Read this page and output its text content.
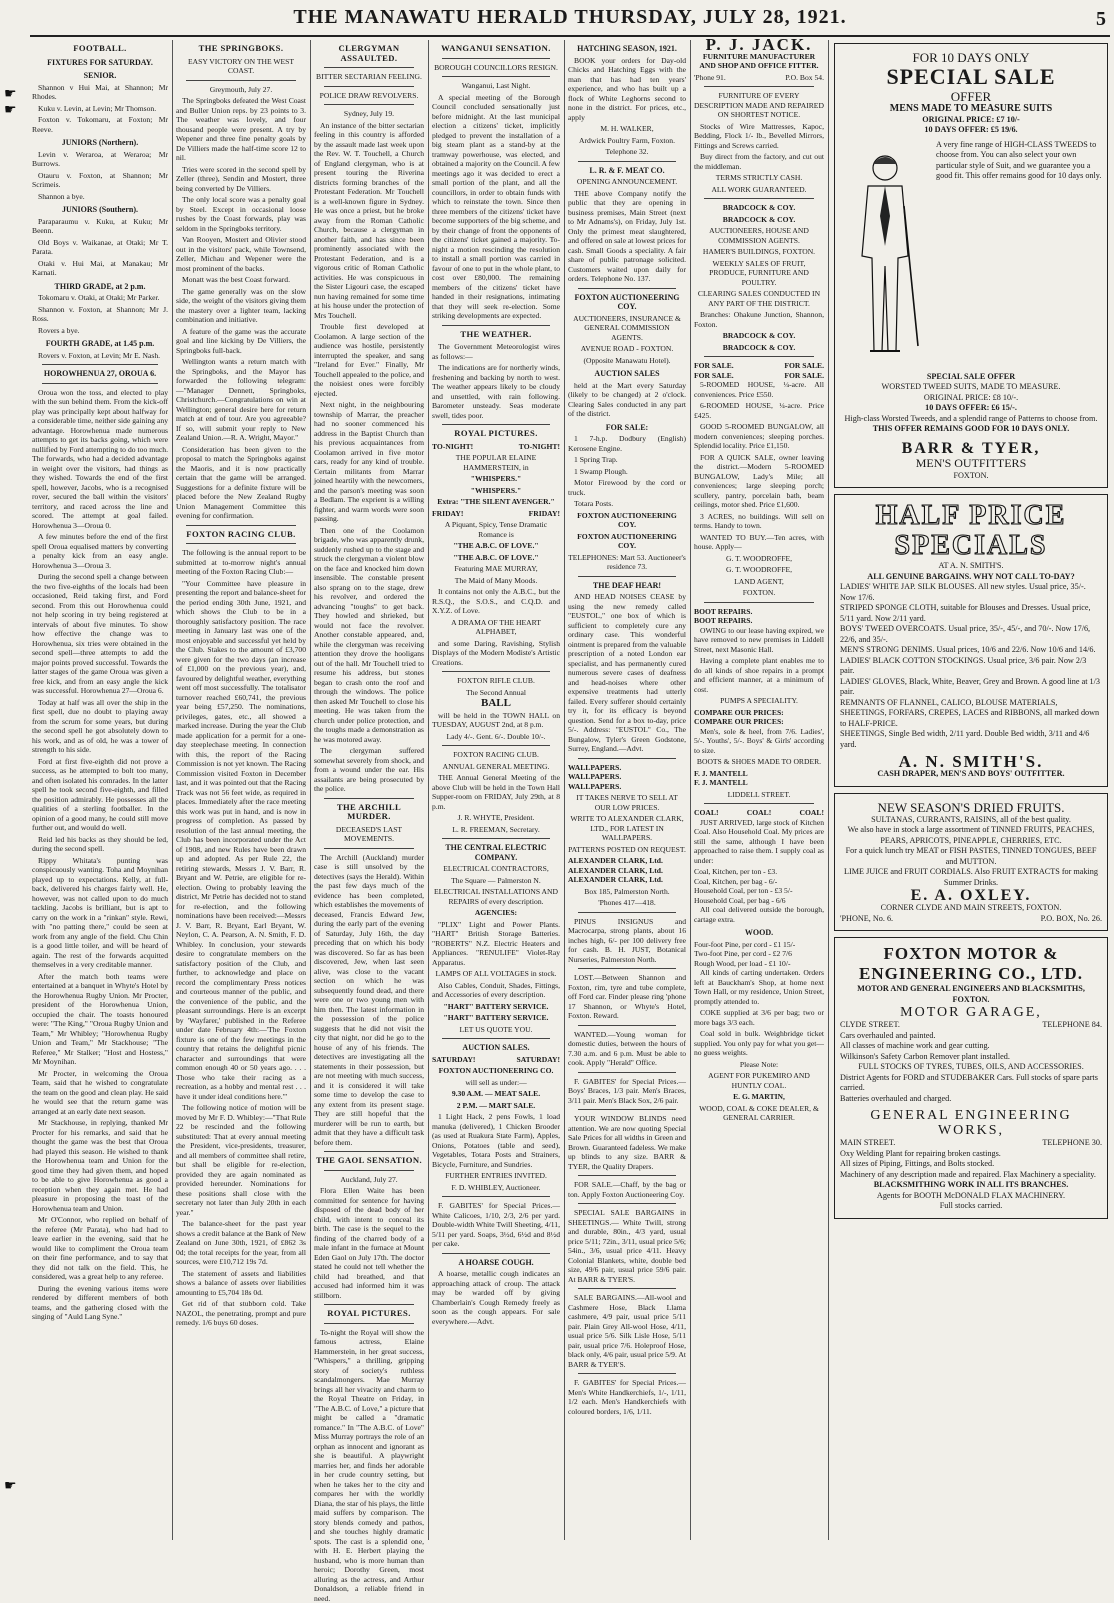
THE MANAWATU HERALD THURSDAY, JULY 28, 1921.	5
FOOTBALL.
FIXTURES FOR SATURDAY.
SENIOR.

Shannon v Hui Mai, at Shannon; Mr Rhodes.

Kuku v. Levin, at Levin; Mr Thomson.

Foxton v. Tokomaru, at Foxton; Mr Reeve.

JUNIORS (Northern).

Levin v. Weraroa, at Weraroa; Mr Burrows.

Otauru v. Foxton, at Shannon; Mr Scrimeis.

Shannon a bye.

JUNIORS (Southern).

Paraparaumu v. Kuku, at Kuku; Mr Beenn.

Old Boys v. Waikanae, at Otaki; Mr T. Parata.

Otaki v. Hui Mai, at Manakau; Mr Karnati.

THIRD GRADE, at 2 p.m.

Tokomaru v. Otaki, at Otaki; Mr Parker.

Shannon v. Foxton, at Shannon; Mr J. Ross.

Rovers a bye.

FOURTH GRADE, at 1.45 p.m.

Rovers v. Foxton, at Levin; Mr E. Nash.

HOROWHENUA 27, OROUA 6.

Oroua won the toss, and elected to play with the sun behind them. From the kick-off play was principally kept about halfway for a considerable time, neither side gaining any advantage. Horowhenua made numerous attempts to get its backs going, which were nullified by Ford attempting to do too much. The forwards, who had a decided advantage in weight over the visitors, had things as they wished. Towards the end of the first spell, however, Jacobs, who is a recognised rover, secured the ball within the visitors' territory, and raced across the line and scored. The attempt at goal failed. Horowhenua 3—Oroua 0.

A few minutes before the end of the first spell Oroua equalised matters by converting a penalty kick from an easy angle. Horowhenua 3—Oroua 3.

During the second spell a change between the two five-eighths of the locals had been occasioned, Reid taking first, and Ford second. From this out Horowhenua could not help scoring in try being registered at intervals of about five minutes. To show how effective the change was to Horowhenua, six tries were obtained in the second spell—three attempts to add the major points proved successful. Towards the latter stages of the game Oroua was given a free kick, and from an easy angle the kick was successful. Horowhenua 27—Oroua 6.

Today at half was all over the ship in the first spell, due no doubt to playing away from the scrum for some years, but during the second spell he got absolutely down to his work, and as of old, he was a tower of strength to his side.

Ford at first five-eighth did not prove a success, as he attempted to bolt too many, and often isolated his comrades. In the latter spell he took second five-eighth, and filled the position admirably. He possesses all the qualities of a sterling footballer. In the opinion of a good many, he could still move further out, and would do well.

Reid led his backs as they should be led, during the second spell.

Rippy Whitata's punting was conspicuously wanting. Toha and Moynihan played up to expectations. Kelly, at full-back, delivered his charges fairly well. He, however, was not called upon to do much tackling. Jacobs is brilliant, but is apt to carry on the work in a "rinkan" style. Rewi, with "no patting there," could be seen at work from any angle of the field. Chu Chin is a good little toiler, and will be heard of again. The rest of the forwards acquitted themselves in a very creditable manner.

After the match both teams were entertained at a banquet in Whyte's Hotel by the Horowhenua Rugby Union. Mr Procter, president of the Horowhenua Union, occupied the chair. The toasts honoured were: "The King," "Oroua Rugby Union and Team," Mr Whibley; "Horowhenua Rugby Union and Team," Mr Stackhouse; "The Referee," Mr Stalker; "Host and Hostess," Mr Moynihan.

Mr Procter, in welcoming the Oroua Team, said that he wished to congratulate the team on the good and clean play. He said he would see that the return game was arranged at an early date next season.

Mr Stackhouse, in replying, thanked Mr Procter for his remarks, and said that he thought the game was the best that Oroua had played this season. He wished to thank the Horowhenua team and Union for the good time they had given them, and hoped to be able to give Horowhenua as good a reception when they again met. He had pleasure in proposing the toast of the Horowhenua team and Union.

Mr O'Connor, who replied on behalf of the referee (Mr Parata), who had had to leave earlier in the evening, said that he would like to compliment the Oroua team on their fine performance, and to say that they did not talk on the field. This, he considered, was a great help to any referee.

During the evening various items were rendered by different members of both teams, and the gathering closed with the singing of "Auld Lang Syne."

THE SPRINGBOKS.
EASY VICTORY ON THE WEST COAST.

Greymouth, July 27.

The Springboks defeated the West Coast and Buller Union reps. by 23 points to 3. The weather was lovely, and four thousand people were present. A try by Wepener and three fine penalty goals by De Villiers made the half-time score 12 to nil.

Tries were scored in the second spell by Zeller (three), Sendin and Mostert, three being converted by De Villiers.

The only local score was a penalty goal by Steel. Except in occasional loose rushes by the Coast forwards, play was seldom in the Springboks territory.

Van Rooyen, Mostert and Olivier stood out in the visitors' pack, while Townsend, Zeller, Michau and Wepener were the most prominent of the backs.

Monatt was the best Coast forward.

The game generally was on the slow side, the weight of the visitors giving them the mastery over a lighter team, lacking combination and initiative.

A feature of the game was the accurate goal and line kicking by De Villiers, the Springboks full-back.

Wellington wants a return match with the Springboks, and the Mayor has forwarded the following telegram:—"Manager Dennett, Springboks, Christchurch.—Congratulations on win at Wellington; general desire here for return match at end of tour. Are you agreeable? If so, will submit your reply to New Zealand Union.—R. A. Wright, Mayor."

Consideration has been given to the proposal to match the Springboks against the Maoris, and it is now practically certain that the game will be arranged. Suggestions for a definite fixture will be placed before the New Zealand Rugby Union Management Committee this evening for confirmation.

FOXTON RACING CLUB.

The following is the annual report to be submitted at to-morrow night's annual meeting of the Foxton Racing Club:—

"Your Committee have pleasure in presenting the report and balance-sheet for the period ending 30th June, 1921, and which shows the Club to be in a thoroughly satisfactory position. The race meeting in January last was one of the most enjoyable and successful yet held by the Club. Stakes to the amount of £3,700 were given for the two days (an increase of £1,000 on the previous year), and, favoured by delightful weather, everything went off most successfully. The totalisator turnover reached £60,741, the previous year being £57,250. The nominations, privileges, gates, etc., all showed a marked increase. During the year the Club made application for a permit for a one-day steeplechase meeting. In connection with this, the report of the Racing Commission is not yet known. The Racing Commission visited Foxton in December last, and it was pointed out that the Racing Track was not 56 feet wide, as required in places. Immediately after the race meeting this work was put in hand, and is now in progress of completion. As passed by resolution of the last annual meeting, the Club has been incorporated under the Act of 1908, and new Rules have been drawn up and adopted. As per Rule 22, the retiring stewards, Messrs J. V. Barr, R. Bryant and W. Petrie, are eligible for re-election. Owing to probably leaving the district, Mr Petrie has decided not to stand for re-election, and the following nominations have been received:—Messrs J. V. Barr, R. Bryant, Earl Bryant, W. Neylon, C. A. Pearson, A. N. Smith, F. D. Whibley. In conclusion, your stewards desire to congratulate members on the satisfactory position of the Club, and further, to acknowledge and place on record the complimentary Press notices and courteous manner of the public, and the convenience of the public, and the pleasant surroundings. Here is an excerpt by 'Wayfarer,' published in the Referee under date February 4th:—'The Foxton fixture is one of the few meetings in the country that retains the delightful picnic character and surroundings that were common enough 40 or 50 years ago. . . . Those who take their racing as a recreation, as a hobby and mental rest . . . have it under ideal conditions here.'"

The following notice of motion will be moved by Mr F. D. Whibley:—"That Rule 22 be rescinded and the following substituted: That at every annual meeting the President, vice-presidents, treasurer, and all members of committee shall retire, but shall be eligible for re-election, provided they are again nominated as provided hereunder. Nominations for these positions shall close with the secretary not later than July 20th in each year."

The balance-sheet for the past year shows a credit balance at the Bank of New Zealand on June 30th, 1921, of £862 3s 0d; the total receipts for the year, from all sources, were £10,712 19s 7d.

The statement of assets and liabilities shows a balance of assets over liabilities amounting to £5,704 18s 0d.

Get rid of that stubborn cold. Take NAZOL, the penetrating, prompt and pure remedy. 1/6 buys 60 doses.

CLERGYMAN ASSAULTED.
BITTER SECTARIAN FEELING.
POLICE DRAW REVOLVERS.

Sydney, July 19.

An instance of the bitter sectarian feeling in this country is afforded by the assault made last week upon the Rev. W. T. Touchell, a Church of England clergyman, who is at present touring the Riverina districts forming branches of the Protestant Federation. Mr Touchell is a well-known figure in Sydney. He was once a priest, but he broke away from the Roman Catholic Church, because a clergyman in another faith, and has since been prominently associated with the Protestant Federation, and is a vigorous critic of Roman Catholic activities. He was conspicuous in the Sister Ligouri case, the escaped nun having remained for some time at his house under the protection of Mrs Touchell.

Trouble first developed at Coolamon. A large section of the audience was hostile, persistently interrupted the speaker, and sang "Ireland for Ever." Finally, Mr Touchell appealed to the police, and the noisiest ones were forcibly ejected.

Next night, in the neighbouring township of Marrar, the preacher had no sooner commenced his address in the Baptist Church than his previous acquaintances from Coolamon arrived in five motor cars, ready for any kind of trouble. Certain militants from Marrar joined heartily with the newcomers, and the parson's meeting was soon a Bedlam. The exprient is a willing fighter, and warm words were soon passing.

Then one of the Coolamon brigade, who was apparently drunk, suddenly rushed up to the stage and struck the clergyman a violent blow on the face and knocked him down insensible. The constable present also sprang on to the stage, drew his revolver, and ordered the advancing "toughs" to get back. They howled and shrieked, but would not face the revolver. Another constable appeared, and, while the clergyman was receiving attention they drove the hooligans out of the hall. Mr Touchell tried to resume his address, but stones began to crash onto the roof and through the windows. The police then asked Mr Touchell to close his meeting. He was taken from the church under police protection, and the toughs made a demonstration as he was motored away.

The clergyman suffered somewhat severely from shock, and from a wound under the ear. His assailants are being prosecuted by the police.

THE ARCHILL MURDER.
DECEASED'S LAST MOVEMENTS.

The Archill (Auckland) murder case is still unsolved by the detectives (says the Herald). Within the past few days much of the evidence has been completed, which establishes the movements of deceased, Francis Edward Jew, during the early part of the evening of Saturday, July 16th, the day preceding that on which his body was discovered. So far as has been discovered, Jew, when last seen alive, was close to the vacant section on which he was subsequently found dead, and there were one or two young men with him then. The latest information in the possession of the police suggests that he did not visit the city that night, nor did he go to the house of any of his friends. The detectives are investigating all the statements in their possession, but are not meeting with much success, and it is considered it will take some time to develop the case to any extent from its present stage. They are still hopeful that the murderer will be run to earth, but admit that they have a difficult task before them.

THE GAOL SENSATION.

Auckland, July 27.

Flora Ellen Waite has been committed for sentence for having disposed of the dead body of her child, with intent to conceal its birth. The case is the sequel to the finding of the charred body of a male infant in the furnace at Mount Eden Gaol on July 17th. The doctor stated he could not tell whether the child had breathed, and that accused had informed him it was stillborn.

ROYAL PICTURES.

To-night the Royal will show the famous actress, Elaine Hammerstein, in her great success, "Whispers," a thrilling, gripping story of society's ruthless scandalmongers. Mae Murray brings all her vivacity and charm to the Royal Theatre on Friday, in "The A.B.C. of Love," a picture that might be called a "dramatic romance." In "The A.B.C. of Love" Miss Murray portrays the role of an orphan as innocent and ignorant as she is beautiful. A playwright marries her, and finds her adorable in her crude country setting, but when he takes her to the city and compares her with the worldly Diana, the star of his plays, the little maid suffers by comparison. The story blends comedy and pathos, and she touches highly dramatic spots. The cast is a splendid one, with H. E. Herbert playing the husband, who is more human than heroic; Dorothy Green, most alluring as the actress, and Arthur Donaldson, a reliable friend in need.

WANGANUI SENSATION.
BOROUGH COUNCILLORS RESIGN.

Wanganui, Last Night.

A special meeting of the Borough Council concluded sensationally just before midnight. At the last municipal election a citizens' ticket, implicitly pledged to prevent the installation of a big steam plant as a stand-by at the tramway powerhouse, was elected, and obtained a majority on the Council. A few meetings ago it was decided to erect a small portion of the plant, and all the councillors, in order to obtain funds with which to reinstate the town. Since then three members of the citizens' ticket have become supporters of the big scheme, and by their change of front the opponents of the citizens' ticket gained a majority. To-night a motion rescinding the resolution to install a small portion was carried in favour of one to put in the whole plant, to cost over £80,000. The remaining members of the citizens' ticket have handed in their resignations, intimating that they will seek re-election. Some striking developments are expected.

THE WEATHER.

The Government Meteorologist wires as follows:—

The indications are for northerly winds, freshening and backing by north to west. The weather appears likely to be cloudy and unsettled, with rain following. Barometer unsteady. Seas moderate swell, tides poor.

ROYAL PICTURES.
TO-NIGHT!	TO-NIGHT!
THE POPULAR ELAINE HAMMERSTEIN, in
"WHISPERS."
"WHISPERS."
Extra: "THE SILENT AVENGER."
FRIDAY!	FRIDAY!
A Piquant, Spicy, Tense Dramatic Romance is
"THE A.B.C. OF LOVE."
"THE A.B.C. OF LOVE."
Featuring MAE MURRAY,
The Maid of Many Moods.

It contains not only the A.B.C., but the R.S.Q., the S.O.S., and C.Q.D. and X.Y.Z. of Love.

A DRAMA OF THE HEART ALPHABET,

and some Daring, Ravishing, Stylish Displays of the Modern Modiste's Artistic Creations.

FOXTON RIFLE CLUB.
The Second Annual
BALL

will be held in the TOWN HALL on TUESDAY, AUGUST 2nd, at 8 p.m.

Lady 4/-. Gent. 6/-. Double 10/-.
FOXTON RACING CLUB.
ANNUAL GENERAL MEETING.

THE Annual General Meeting of the above Club will be held in the Town Hall Supper-room on FRIDAY, July 29th, at 8 p.m.

J. R. WHYTE, President.
L. R. FREEMAN, Secretary.
THE CENTRAL ELECTRIC COMPANY.
ELECTRICAL CONTRACTORS,
The Square — Palmerston N.
ELECTRICAL INSTALLATIONS AND REPAIRS of every description.
AGENCIES:

"PLIX" Light and Power Plants. "HART" British Storage Batteries. "ROBERTS" N.Z. Electric Heaters and Appliances. "RENULIFE" Violet-Ray Apparatus.

LAMPS OF ALL VOLTAGES in stock.

Also Cables, Conduit, Shades, Fittings, and Accessories of every description.

"HART" BATTERY SERVICE.
"HART" BATTERY SERVICE.
LET US QUOTE YOU.
AUCTION SALES.
SATURDAY!	SATURDAY!
FOXTON AUCTIONEERING CO.
will sell as under:—
9.30 A.M. — MEAT SALE.
2 P.M. — MART SALE.

1 Light Hack, 2 pens Fowls, 1 load manuka (delivered), 1 Chicken Brooder (as used at Ruakura State Farm), Apples, Onions, Potatoes (table and seed), Vegetables, Totara Posts and Strainers, Bicycle, Furniture, and Sundries.

FURTHER ENTRIES INVITED.
F. D. WHIBLEY, Auctioneer.

F. GABITES' for Special Prices.— White Calicoes, 1/10, 2/3, 2/6 per yard. Double-width White Twill Sheeting, 4/11, 5/11 per yard. Soaps, 3½d, 6½d and 8½d per cake.

A HOARSE COUGH.

A hoarse, metallic cough indicates an approaching attack of croup. The attack may be warded off by giving Chamberlain's Cough Remedy freely as soon as the cough appears. For sale everywhere.—Advt.

HATCHING SEASON, 1921.

BOOK your orders for Day-old Chicks and Hatching Eggs with the man that has had ten years' experience, and who has built up a flock of White Leghorns second to none in the district. For prices, etc., apply

M. H. WALKER,
Ardwick Poultry Farm, Foxton.
Telephone 32.
L. R. & F. MEAT CO.
OPENING ANNOUNCEMENT.

THE above Company notify the public that they are opening in business premises, Main Street (next to Mr Adnams's), on Friday, July 1st. Only the primest meat slaughtered, and offered on sale at lowest prices for cash. Small Goods a speciality. A fair share of public patronage solicited. Customers waited upon daily for orders. Telephone No. 137.

FOXTON AUCTIONEERING COY.
AUCTIONEERS, INSURANCE & GENERAL COMMISSION AGENTS.
AVENUE ROAD - FOXTON.
(Opposite Manawatu Hotel).
AUCTION SALES

held at the Mart every Saturday (likely to be changed) at 2 o'clock. Clearing Sales conducted in any part of the district.

FOR SALE:

1 7-h.p. Dodbury (English) Kerosene Engine.

1 Spring Trap.

1 Swamp Plough.

Motor Firewood by the cord or truck.

Totara Posts.

FOXTON AUCTIONEERING COY.
FOXTON AUCTIONEERING COY.
TELEPHONES: Mart 53. Auctioneer's residence 73.
THE DEAF HEAR!

AND HEAD NOISES CEASE by using the new remedy called "EUSTOL," one box of which is sufficient to completely cure any ordinary case. This wonderful ointment is prepared from the valuable prescription of a noted London ear specialist, and has permanently cured numerous severe cases of deafness and head-noises where other expensive treatments had utterly failed. Every sufferer should certainly try it, for its efficacy is beyond question. Send for a box to-day, price 5/-. Address: "EUSTOL" Co., The Bungalow, Tyler's Green Godstone, Surrey, England.—Advt.

WALLPAPERS.
WALLPAPERS.
WALLPAPERS.
IT TAKES NERVE TO SELL AT OUR LOW PRICES.
WRITE TO ALEXANDER CLARK, LTD., FOR LATEST IN WALLPAPERS.
PATTERNS POSTED ON REQUEST.
ALEXANDER CLARK, Ltd.
ALEXANDER CLARK, Ltd.
ALEXANDER CLARK, Ltd.
Box 185, Palmerston North.
'Phones 417—418.

PINUS INSIGNUS and Macrocarpa, strong plants, about 16 inches high, 6/- per 100 delivery free for cash. B. H. JUST, Botanical Nurseries, Palmerston North.

LOST.—Between Shannon and Foxton, rim, tyre and tube complete, off Ford car. Finder please ring 'phone 17 Shannon, or Whyte's Hotel, Foxton. Reward.

WANTED.—Young woman for domestic duties, between the hours of 7.30 a.m. and 6 p.m. Must be able to cook. Apply "Herald" Office.

F. GABITES' for Special Prices.— Boys' Braces, 1/3 pair. Men's Braces, 3/11 pair. Men's Black Sox, 2/6 pair.

YOUR WINDOW BLINDS need attention. We are now quoting Special Sale Prices for all widths in Green and Brown. Guaranteed fadeless. We make up blinds to any size. BARR & TYER, the Quality Drapers.

FOR SALE.—Chaff, by the bag or ton. Apply Foxton Auctioneering Coy.

SPECIAL SALE BARGAINS in SHEETINGS.— White Twill, strong and durable, 80in., 4/3 yard, usual price 5/11; 72in., 3/11, usual price 5/6; 54in., 3/6, usual price 4/11. Heavy Colonial Blankets, white, double bed size, 49/6 pair, usual price 59/6 pair. At BARR & TYER'S.

SALE BARGAINS.—All-wool and Cashmere Hose, Black Llama cashmere, 4/9 pair, usual price 5/11 pair. Plain Grey All-wool Hose, 4/11, usual price 5/6. Silk Lisle Hose, 5/11 pair, usual price 7/6. Holeproof Hose, black only, 4/6 pair, usual price 5/9. At BARR & TYER'S.

F. GABITES' for Special Prices.— Men's White Handkerchiefs, 1/-, 1/11, 1/2 each. Men's Handkerchiefs with coloured borders, 1/6, 1/11.

P. J. JACK.
FURNITURE MANUFACTURER AND SHOP AND OFFICE FITTER.
'Phone 91.	P.O. Box 54.
FURNITURE OF EVERY DESCRIPTION MADE AND REPAIRED ON SHORTEST NOTICE.

Stocks of Wire Mattresses, Kapoc, Bedding, Flock 1/- lb., Bevelled Mirrors, Fittings and Screws carried.

Buy direct from the factory, and cut out the middleman.

TERMS STRICTLY CASH.
ALL WORK GUARANTEED.
BRADCOCK & COY.
BRADCOCK & COY.
AUCTIONEERS, HOUSE AND COMMISSION AGENTS.
HAMER'S BUILDINGS, FOXTON.
WEEKLY SALES OF FRUIT, PRODUCE, FURNITURE AND POULTRY.
CLEARING SALES CONDUCTED IN ANY PART OF THE DISTRICT.

Branches: Ohakune Junction, Shannon, Foxton.

BRADCOCK & COY.
BRADCOCK & COY.
FOR SALE.	FOR SALE.
FOR SALE.	FOR SALE.

5-ROOMED HOUSE, ¼-acre. All conveniences. Price £550.

6-ROOMED HOUSE, ¼-acre. Price £425.

GOOD 5-ROOMED BUNGALOW, all modern conveniences; sleeping porches. Splendid locality. Price £1,150.

FOR A QUICK SALE, owner leaving the district.—Modern 5-ROOMED BUNGALOW, Lady's Mile; all conveniences; large sleeping porch; scullery, pantry, porcelain bath, beam ceilings, motor shed. Price £1,600.

3 ACRES, no buildings. Will sell on terms. Handy to town.

WANTED TO BUY.—Ten acres, with house. Apply—

G. T. WOODROFFE,
G. T. WOODROFFE,
LAND AGENT,
FOXTON.
BOOT REPAIRS.
BOOT REPAIRS.

OWING to our lease having expired, we have removed to new premises in Liddell Street, next Masonic Hall.

Having a complete plant enables me to do all kinds of shoe repairs in a prompt and efficient manner, at a minimum of cost.

PUMPS A SPECIALITY.
COMPARE OUR PRICES:
COMPARE OUR PRICES:

Men's, sole & heel, from 7/6. Ladies', 5/-. Youths', 5/-. Boys' & Girls' according to size.

BOOTS & SHOES MADE TO ORDER.
F. J. MANTELL
F. J. MANTELL
LIDDELL STREET.
COAL!	COAL!	COAL!

JUST ARRIVED, large stock of Kitchen Coal. Also Household Coal. My prices are still the same, although I have been approached to raise them. I supply coal as under:

Coal, Kitchen, per ton - £3.
Coal, Kitchen, per bag - 6/-
Household Coal, per ton - £3 5/-
Household Coal, per bag - 6/6

All coal delivered outside the borough, cartage extra.

WOOD.
Four-foot Pine, per cord - £1 15/-
Two-foot Pine, per cord - £2 7/6
Rough Wood, per load - £1 10/-

All kinds of carting undertaken. Orders left at Bauckham's Shop, at home next Town Hall, or my residence, Union Street, promptly attended to.

COKE supplied at 3/6 per bag; two or more bags 3/3 each.

Coal sold in bulk. Weighbridge ticket supplied. You only pay for what you get—no guess weights.

Please Note:
AGENT FOR PUKEMIRO AND HUNTLY COAL.
E. G. MARTIN,
WOOD, COAL & COKE DEALER, & GENERAL CARRIER.
FOR 10 DAYS ONLY
SPECIAL SALE
OFFER
MENS MADE TO MEASURE SUITS
ORIGINAL PRICE: £7 10/-
10 DAYS OFFER: £5 19/6.
A very fine range of HIGH-CLASS TWEEDS to choose from. You can also select your own particular style of Suit, and we guarantee you a good fit. This offer remains good for 10 days only.
SPECIAL SALE OFFER
WORSTED TWEED SUITS, MADE TO MEASURE.
ORIGINAL PRICE: £8 10/-.
10 DAYS OFFER: £6 15/-.
High-class Worsted Tweeds, and a splendid range of Patterns to choose from.
THIS OFFER REMAINS GOOD FOR 10 DAYS ONLY.
BARR & TYER,
MEN'S OUTFITTERS
FOXTON.
HALF PRICE
SPECIALS
AT A. N. SMITH'S.
ALL GENUINE BARGAINS. WHY NOT CALL TO-DAY?
LADIES' WHITE JAP. SILK BLOUSES. All new styles. Usual price, 35/-. Now 17/6.
STRIPED SPONGE CLOTH, suitable for Blouses and Dresses. Usual price, 5/11 yard. Now 2/11 yard.
BOYS' TWEED OVERCOATS. Usual price, 35/-, 45/-, and 70/-. Now 17/6, 22/6, and 35/-.
MEN'S STRONG DENIMS. Usual prices, 10/6 and 22/6. Now 10/6 and 14/6.
LADIES' BLACK COTTON STOCKINGS. Usual price, 3/6 pair. Now 2/3 pair.
LADIES' GLOVES, Black, White, Beaver, Grey and Brown. A good line at 1/3 pair.
REMNANTS OF FLANNEL, CALICO, BLOUSE MATERIALS, SHEETINGS, FORFARS, CREPES, LACES and RIBBONS, all marked down to HALF-PRICE.
SHEETINGS, Single Bed width, 2/11 yard. Double Bed width, 3/11 and 4/6 yard.
A. N. SMITH'S.
CASH DRAPER, MEN'S AND BOYS' OUTFITTER.
NEW SEASON'S DRIED FRUITS.
SULTANAS, CURRANTS, RAISINS, all of the best quality.
We also have in stock a large assortment of TINNED FRUITS, PEACHES, PEARS, APRICOTS, PINEAPPLE, CHERRIES, ETC.
For a quick lunch try MEAT or FISH PASTES, TINNED TONGUES, BEEF and MUTTON.
LIME JUICE and FRUIT CORDIALS. Also FRUIT EXTRACTS for making Summer Drinks.
E. A. OXLEY.
CORNER CLYDE AND MAIN STREETS, FOXTON.
'PHONE, No. 6.	P.O. BOX, No. 26.
FOXTON MOTOR & ENGINEERING CO., LTD.
MOTOR AND GENERAL ENGINEERS AND BLACKSMITHS, FOXTON.
MOTOR GARAGE,
CLYDE STREET.	TELEPHONE 84.
Cars overhauled and painted.
All classes of machine work and gear cutting.
Wilkinson's Safety Carbon Remover plant installed.
FULL STOCKS OF TYRES, TUBES, OILS, AND ACCESSORIES.
District Agents for FORD and STUDEBAKER Cars. Full stocks of spare parts carried.
Batteries overhauled and charged.
GENERAL ENGINEERING WORKS,
MAIN STREET.	TELEPHONE 30.
Oxy Welding Plant for repairing broken castings.
All sizes of Piping, Fittings, and Bolts stocked.
Machinery of any description made and repaired. Flax Machinery a speciality.
BLACKSMITHING WORK IN ALL ITS BRANCHES.
Agents for BOOTH McDONALD FLAX MACHINERY.
Full stocks carried.
☛
☛
☛
